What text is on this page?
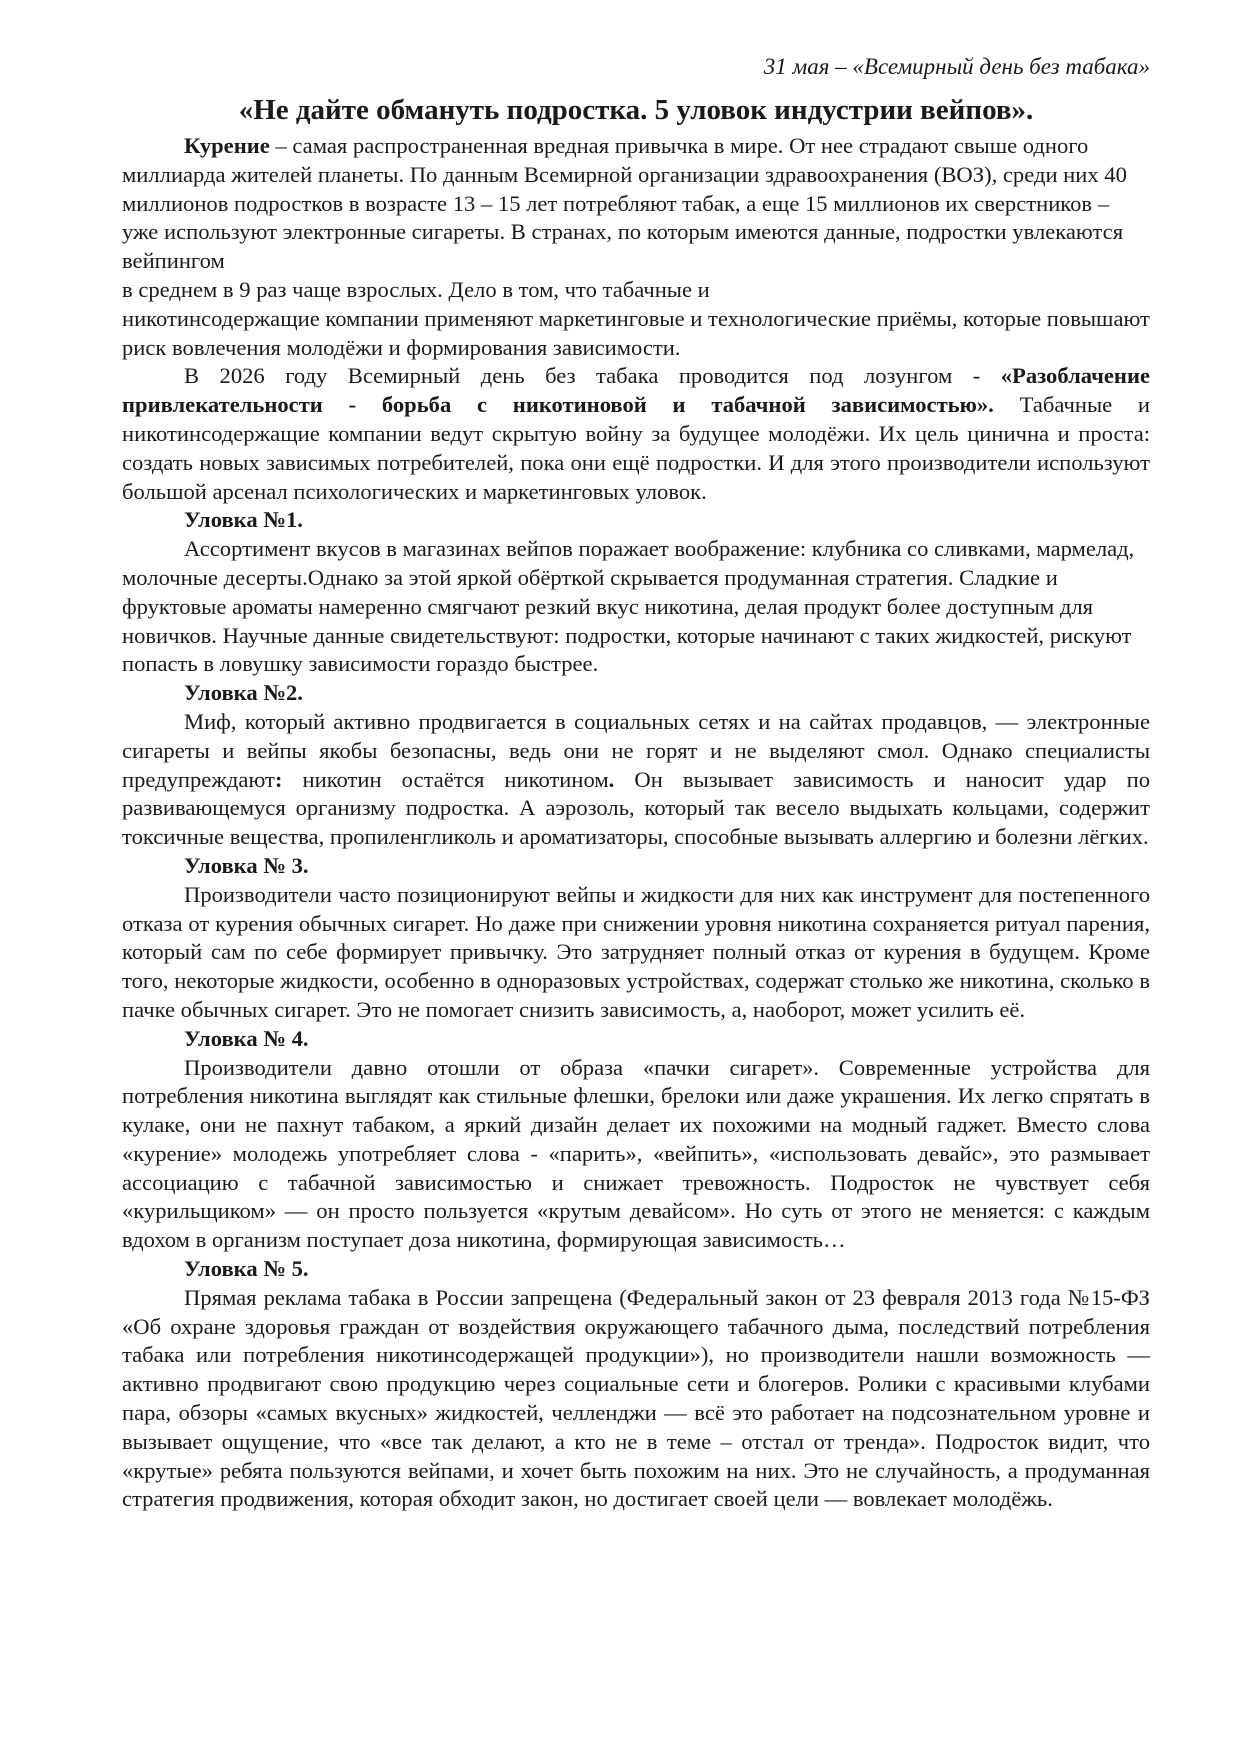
31 мая – «Всемирный день без табака»

«Не дайте обмануть подростка. 5 уловок индустрии вейпов».

Курение – самая распространенная вредная привычка в мире. От нее страдают свыше одного миллиарда жителей планеты. По данным Всемирной организации здравоохранения (ВОЗ), среди них 40 миллионов подростков в возрасте 13 – 15 лет потребляют табак, а еще 15 миллионов их сверстников – уже используют электронные сигареты. В странах, по которым имеются данные, подростки увлекаются вейпингом

в среднем в 9 раз чаще взрослых. Дело в том, что табачные и

никотинсодержащие компании применяют маркетинговые и технологические приёмы, которые повышают риск вовлечения молодёжи и формирования зависимости.

В 2026 году Всемирный день без табака проводится под лозунгом - «Разоблачение привлекательности - борьба с никотиновой и табачной зависимостью». Табачные и никотинсодержащие компании ведут скрытую войну за будущее молодёжи. Их цель цинична и проста: создать новых зависимых потребителей, пока они ещё подростки. И для этого производители используют большой арсенал психологических и маркетинговых уловок.

Уловка №1.

Ассортимент вкусов в магазинах вейпов поражает воображение: клубника со сливками, мармелад, молочные десерты.Однако за этой яркой обёрткой скрывается продуманная стратегия. Сладкие и фруктовые ароматы намеренно смягчают резкий вкус никотина, делая продукт более доступным для новичков. Научные данные свидетельствуют: подростки, которые начинают с таких жидкостей, рискуют попасть в ловушку зависимости гораздо быстрее.

Уловка №2.

Миф, который активно продвигается в социальных сетях и на сайтах продавцов, — электронные сигареты и вейпы якобы безопасны, ведь они не горят и не выделяют смол. Однако специалисты предупреждают: никотин остаётся никотином. Он вызывает зависимость и наносит удар по развивающемуся организму подростка. А аэрозоль, который так весело выдыхать кольцами, содержит токсичные вещества, пропиленгликоль и ароматизаторы, способные вызывать аллергию и болезни лёгких.

Уловка № 3.

Производители часто позиционируют вейпы и жидкости для них как инструмент для постепенного отказа от курения обычных сигарет. Но даже при снижении уровня никотина сохраняется ритуал парения, который сам по себе формирует привычку. Это затрудняет полный отказ от курения в будущем. Кроме того, некоторые жидкости, особенно в одноразовых устройствах, содержат столько же никотина, сколько в пачке обычных сигарет. Это не помогает снизить зависимость, а, наоборот, может усилить её.

Уловка № 4.

Производители давно отошли от образа «пачки сигарет». Современные устройства для потребления никотина выглядят как стильные флешки, брелоки или даже украшения. Их легко спрятать в кулаке, они не пахнут табаком, а яркий дизайн делает их похожими на модный гаджет. Вместо слова «курение» молодежь употребляет слова - «парить», «вейпить», «использовать девайс», это размывает ассоциацию с табачной зависимостью и снижает тревожность. Подросток не чувствует себя «курильщиком» — он просто пользуется «крутым девайсом». Но суть от этого не меняется: с каждым вдохом в организм поступает доза никотина, формирующая зависимость…

Уловка № 5.

Прямая реклама табака в России запрещена (Федеральный закон от 23 февраля 2013 года №15-ФЗ «Об охране здоровья граждан от воздействия окружающего табачного дыма, последствий потребления табака или потребления никотинсодержащей продукции»), но производители нашли возможность — активно продвигают свою продукцию через социальные сети и блогеров. Ролики с красивыми клубами пара, обзоры «самых вкусных» жидкостей, челленджи — всё это работает на подсознательном уровне и вызывает ощущение, что «все так делают, а кто не в теме – отстал от тренда». Подросток видит, что «крутые» ребята пользуются вейпами, и хочет быть похожим на них. Это не случайность, а продуманная стратегия продвижения, которая обходит закон, но достигает своей цели — вовлекает молодёжь.
